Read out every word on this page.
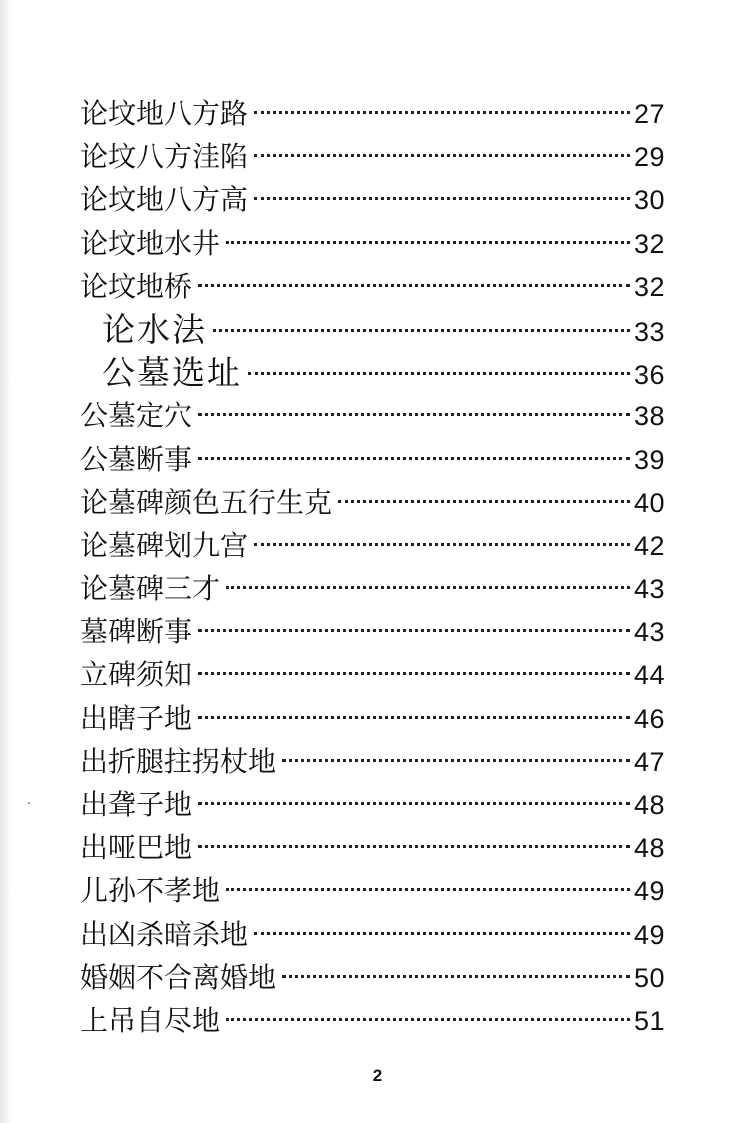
论坟地八方路	27
论坟八方洼陷	29
论坟地八方高	30
论坟地水井	32
论坟地桥	32
论水法	33
公墓选址	36
公墓定穴	38
公墓断事	39
论墓碑颜色五行生克	40
论墓碑划九宫	42
论墓碑三才	43
墓碑断事	43
立碑须知	44
出瞎子地	46
出折腿拄拐杖地	47
出聋子地	48
出哑巴地	48
儿孙不孝地	49
出凶杀暗杀地	49
婚姻不合离婚地	50
上吊自尽地	51
2
